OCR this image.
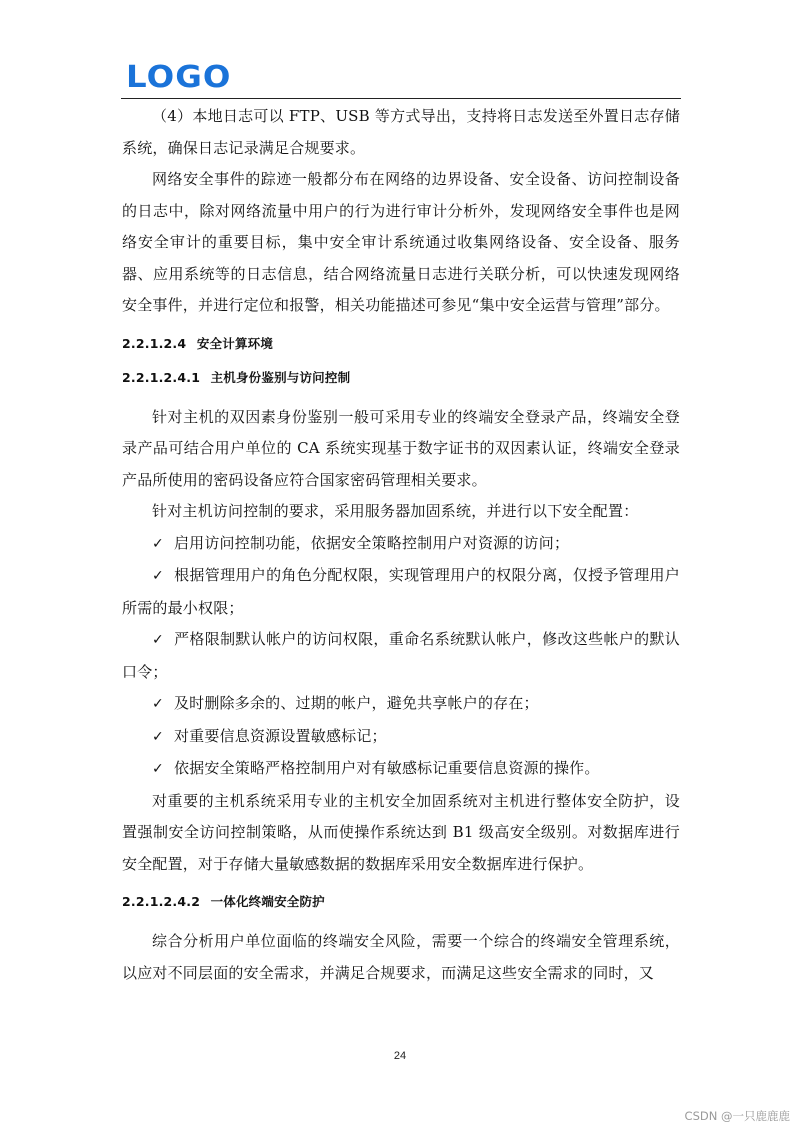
LOGO

（4）本地日志可以 FTP、USB 等方式导出，支持将日志发送至外置日志存储系统，确保日志记录满足合规要求。

网络安全事件的踪迹一般都分布在网络的边界设备、安全设备、访问控制设备的日志中，除对网络流量中用户的行为进行审计分析外，发现网络安全事件也是网络安全审计的重要目标，集中安全审计系统通过收集网络设备、安全设备、服务器、应用系统等的日志信息，结合网络流量日志进行关联分析，可以快速发现网络安全事件，并进行定位和报警，相关功能描述可参见“集中安全运营与管理”部分。

2.2.1.2.4 安全计算环境
2.2.1.2.4.1 主机身份鉴别与访问控制

针对主机的双因素身份鉴别一般可采用专业的终端安全登录产品，终端安全登录产品可结合用户单位的 CA 系统实现基于数字证书的双因素认证，终端安全登录产品所使用的密码设备应符合国家密码管理相关要求。

针对主机访问控制的要求，采用服务器加固系统，并进行以下安全配置：

✓ 启用访问控制功能，依据安全策略控制用户对资源的访问；
✓ 根据管理用户的角色分配权限，实现管理用户的权限分离，仅授予管理用户所需的最小权限；
✓ 严格限制默认帐户的访问权限，重命名系统默认帐户，修改这些帐户的默认口令；
✓ 及时删除多余的、过期的帐户，避免共享帐户的存在；
✓ 对重要信息资源设置敏感标记；
✓ 依据安全策略严格控制用户对有敏感标记重要信息资源的操作。

对重要的主机系统采用专业的主机安全加固系统对主机进行整体安全防护，设置强制安全访问控制策略，从而使操作系统达到 B1 级高安全级别。对数据库进行安全配置，对于存储大量敏感数据的数据库采用安全数据库进行保护。

2.2.1.2.4.2 一体化终端安全防护

综合分析用户单位面临的终端安全风险，需要一个综合的终端安全管理系统，以应对不同层面的安全需求，并满足合规要求，而满足这些安全需求的同时，又

24
CSDN @一只鹿鹿鹿
